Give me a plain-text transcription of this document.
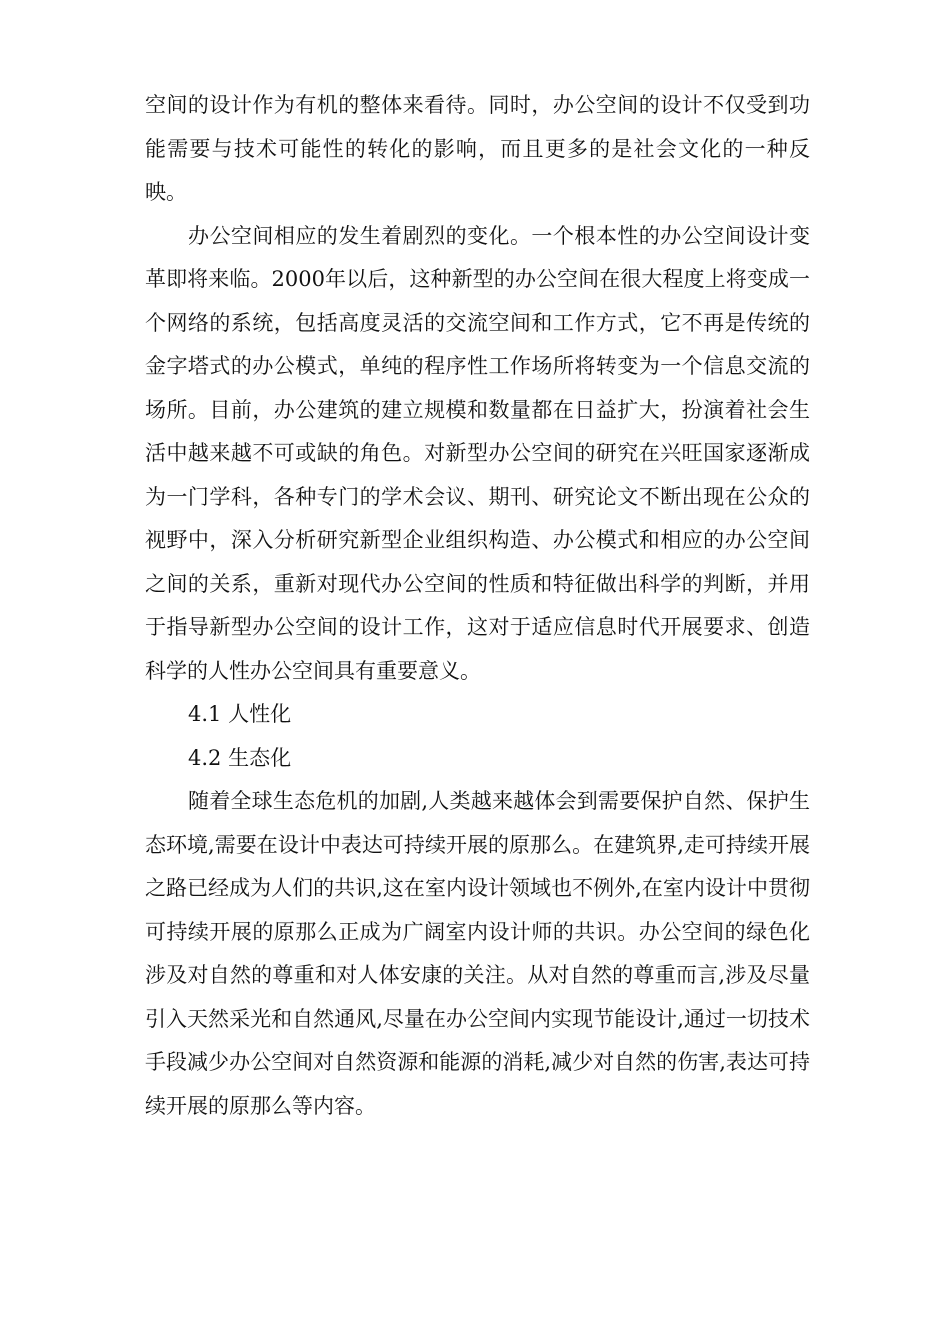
空间的设计作为有机的整体来看待。同时，办公空间的设计不仅受到功能需要与技术可能性的转化的影响，而且更多的是社会文化的一种反映。

办公空间相应的发生着剧烈的变化。一个根本性的办公空间设计变革即将来临。2000年以后，这种新型的办公空间在很大程度上将变成一个网络的系统，包括高度灵活的交流空间和工作方式，它不再是传统的金字塔式的办公模式，单纯的程序性工作场所将转变为一个信息交流的场所。目前，办公建筑的建立规模和数量都在日益扩大，扮演着社会生活中越来越不可或缺的角色。对新型办公空间的研究在兴旺国家逐渐成为一门学科，各种专门的学术会议、期刊、研究论文不断出现在公众的视野中，深入分析研究新型企业组织构造、办公模式和相应的办公空间之间的关系，重新对现代办公空间的性质和特征做出科学的判断，并用于指导新型办公空间的设计工作，这对于适应信息时代开展要求、创造科学的人性办公空间具有重要意义。

4.1 人性化

4.2 生态化

随着全球生态危机的加剧,人类越来越体会到需要保护自然、保护生态环境,需要在设计中表达可持续开展的原那么。在建筑界,走可持续开展之路已经成为人们的共识,这在室内设计领域也不例外,在室内设计中贯彻可持续开展的原那么正成为广阔室内设计师的共识。办公空间的绿色化涉及对自然的尊重和对人体安康的关注。从对自然的尊重而言,涉及尽量引入天然采光和自然通风,尽量在办公空间内实现节能设计,通过一切技术手段减少办公空间对自然资源和能源的消耗,减少对自然的伤害,表达可持续开展的原那么等内容。
